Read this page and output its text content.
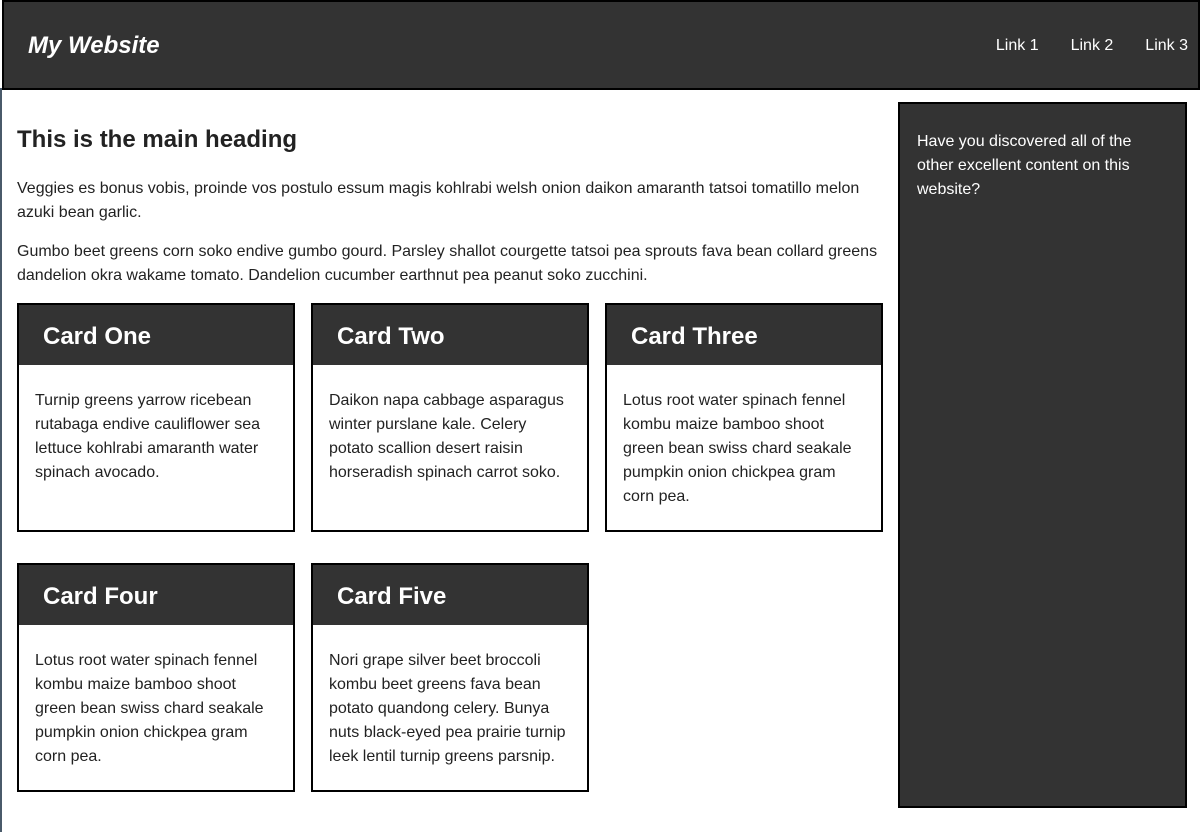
My Website	Link 1 Link 2 Link 3
This is the main heading

Veggies es bonus vobis, proinde vos postulo essum magis kohlrabi welsh onion daikon amaranth tatsoi tomatillo melon azuki bean garlic.

Gumbo beet greens corn soko endive gumbo gourd. Parsley shallot courgette tatsoi pea sprouts fava bean collard greens dandelion okra wakame tomato. Dandelion cucumber earthnut pea peanut soko zucchini.

Card One
Turnip greens yarrow ricebean rutabaga endive cauliflower sea lettuce kohlrabi amaranth water spinach avocado.
Card Two
Daikon napa cabbage asparagus winter purslane kale. Celery potato scallion desert raisin horseradish spinach carrot soko.
Card Three
Lotus root water spinach fennel kombu maize bamboo shoot green bean swiss chard seakale pumpkin onion chickpea gram corn pea.
Card Four
Lotus root water spinach fennel kombu maize bamboo shoot green bean swiss chard seakale pumpkin onion chickpea gram corn pea.
Card Five
Nori grape silver beet broccoli kombu beet greens fava bean potato quandong celery. Bunya nuts black-eyed pea prairie turnip leek lentil turnip greens parsnip.

Have you discovered all of the other excellent content on this website?
